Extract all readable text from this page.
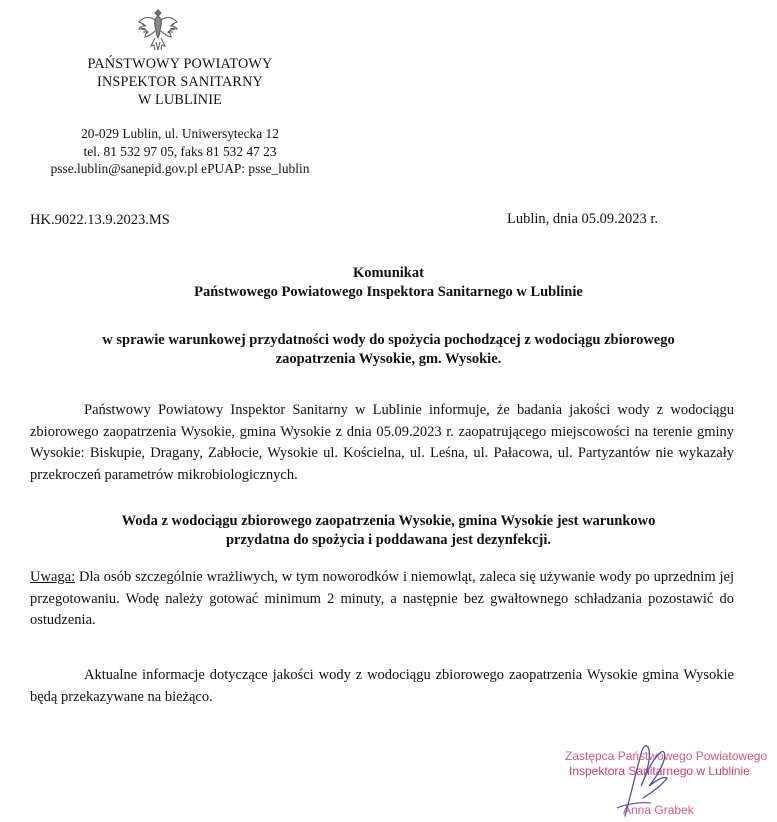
PAŃSTWOWY POWIATOWY
INSPEKTOR SANITARNY
W LUBLINIE
20-029 Lublin, ul. Uniwersytecka 12
tel. 81 532 97 05, faks 81 532 47 23
psse.lublin@sanepid.gov.pl ePUAP: psse_lublin
HK.9022.13.9.2023.MS	Lublin, dnia 05.09.2023 r.
Komunikat
Państwowego Powiatowego Inspektora Sanitarnego w Lublinie
w sprawie warunkowej przydatności wody do spożycia pochodzącej z wodociągu zbiorowego
zaopatrzenia Wysokie, gm. Wysokie.
Państwowy Powiatowy Inspektor Sanitarny w Lublinie informuje, że badania jakości wody z wodociągu zbiorowego zaopatrzenia Wysokie, gmina Wysokie z dnia 05.09.2023 r. zaopatrującego miejscowości na terenie gminy Wysokie: Biskupie, Dragany, Zabłocie, Wysokie ul. Kościelna, ul. Leśna, ul. Pałacowa, ul. Partyzantów nie wykazały przekroczeń parametrów mikrobiologicznych.
Woda z wodociągu zbiorowego zaopatrzenia Wysokie, gmina Wysokie jest warunkowo
przydatna do spożycia i poddawana jest dezynfekcji.
Uwaga: Dla osób szczególnie wrażliwych, w tym noworodków i niemowląt, zaleca się używanie wody po uprzednim jej przegotowaniu. Wodę należy gotować minimum 2 minuty, a następnie bez gwałtownego schładzania pozostawić do ostudzenia.
Aktualne informacje dotyczące jakości wody z wodociągu zbiorowego zaopatrzenia Wysokie gmina Wysokie będą przekazywane na bieżąco.
Zastępca Państwowego Powiatowego
Inspektora Sanitarnego w Lublinie
Anna Grabek
